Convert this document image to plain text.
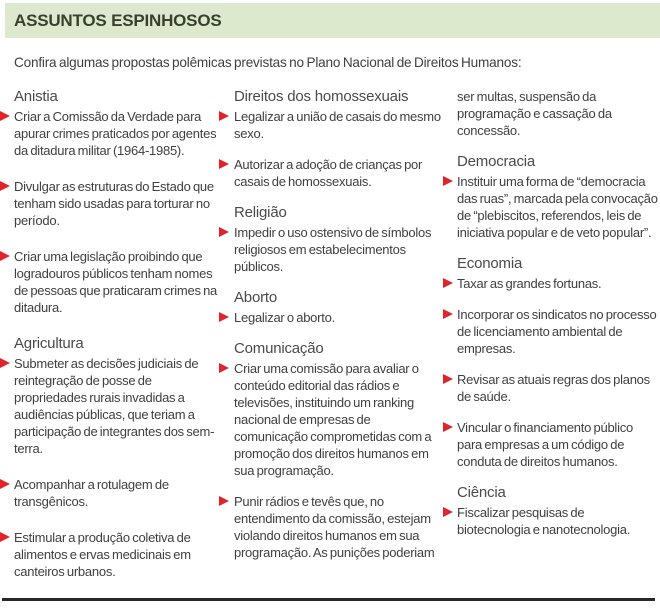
ASSUNTOS ESPINHOSOS
Confira algumas propostas polêmicas previstas no Plano Nacional de Direitos Humanos:
Anistia
Criar a Comissão da Verdade para apurar crimes praticados por agentes da ditadura militar (1964-1985).
Divulgar as estruturas do Estado que tenham sido usadas para torturar no período.
Criar uma legislação proibindo que logradouros públicos tenham nomes de pessoas que praticaram crimes na ditadura.
Agricultura
Submeter as decisões judiciais de reintegração de posse de propriedades rurais invadidas a audiências públicas, que teriam a participação de integrantes dos sem-terra.
Acompanhar a rotulagem de transgênicos.
Estimular a produção coletiva de alimentos e ervas medicinais em canteiros urbanos.
Direitos dos homossexuais
Legalizar a união de casais do mesmo sexo.
Autorizar a adoção de crianças por casais de homossexuais.
Religião
Impedir o uso ostensivo de símbolos religiosos em estabelecimentos públicos.
Aborto
Legalizar o aborto.
Comunicação
Criar uma comissão para avaliar o conteúdo editorial das rádios e televisões, instituindo um ranking nacional de empresas de comunicação comprometidas com a promoção dos direitos humanos em sua programação.
Punir rádios e tevês que, no entendimento da comissão, estejam violando direitos humanos em sua programação. As punições poderiam
ser multas, suspensão da programação e cassação da concessão.
Democracia
Instituir uma forma de “democracia das ruas”, marcada pela convocação de “plebiscitos, referendos, leis de iniciativa popular e de veto popular”.
Economia
Taxar as grandes fortunas.
Incorporar os sindicatos no processo de licenciamento ambiental de empresas.
Revisar as atuais regras dos planos de saúde.
Vincular o financiamento público para empresas a um código de conduta de direitos humanos.
Ciência
Fiscalizar pesquisas de biotecnologia e nanotecnologia.
